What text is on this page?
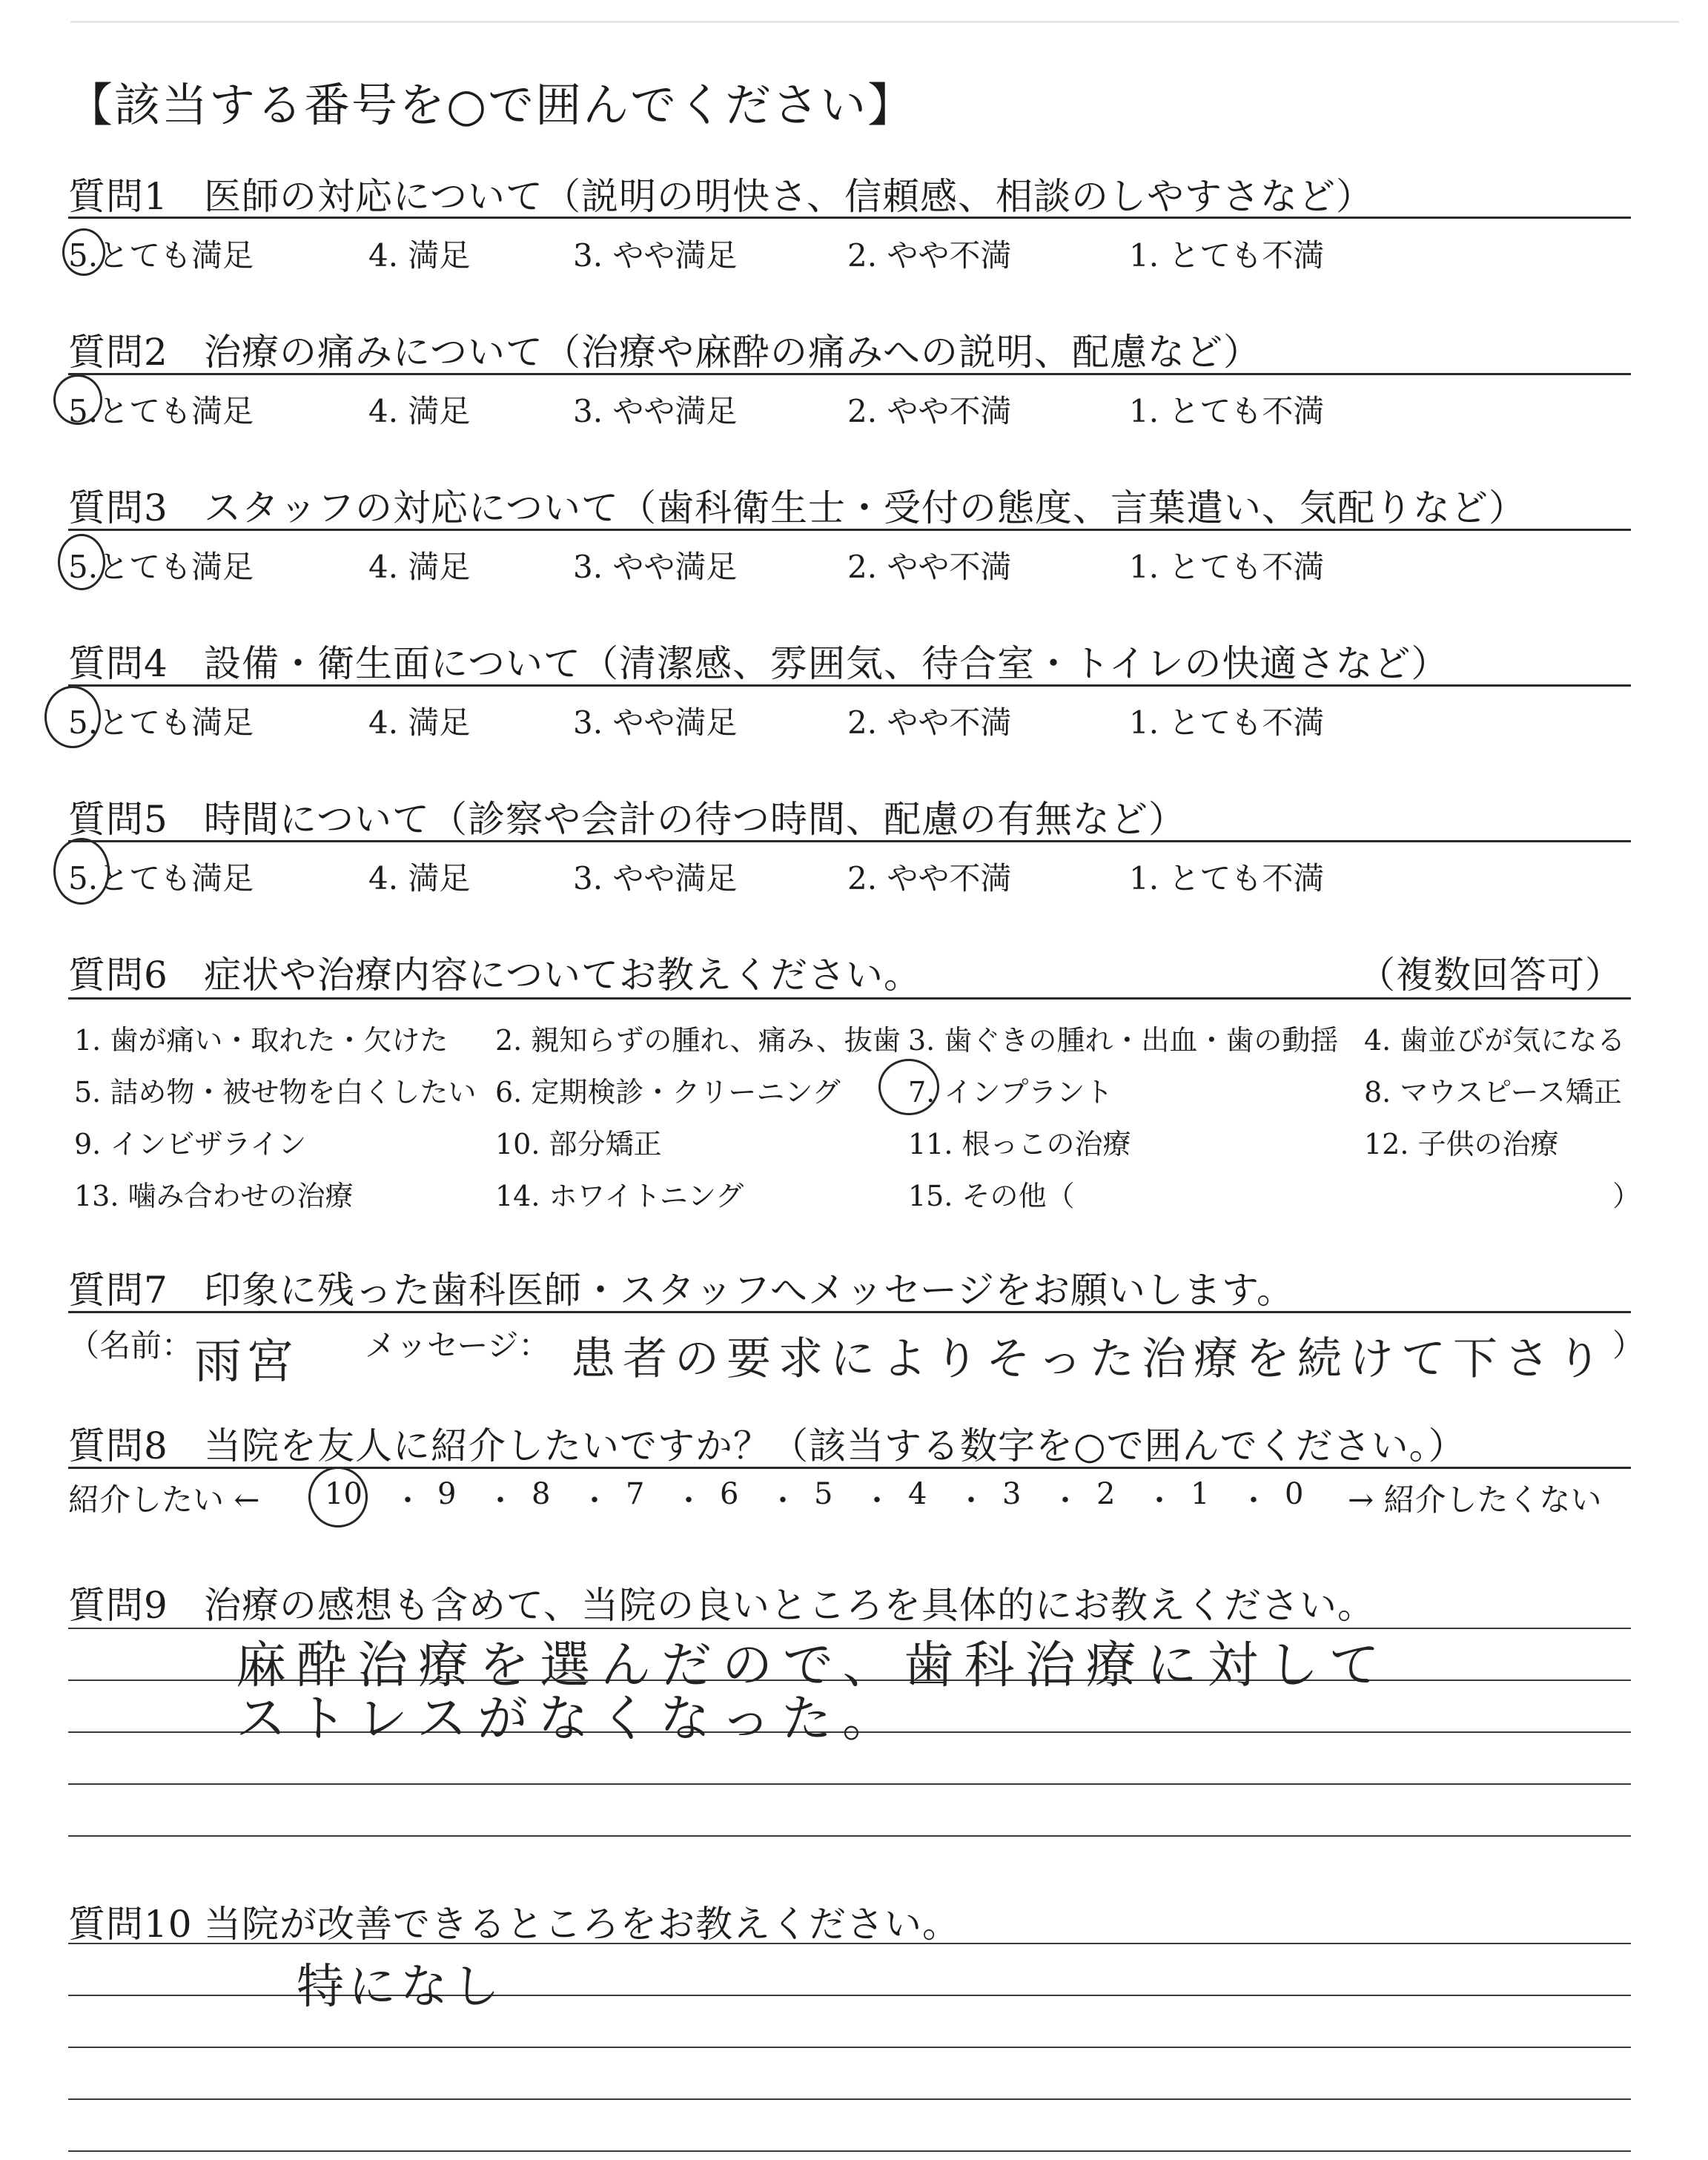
【該当する番号を○で囲んでください】
質問1 医師の対応について（説明の明快さ、信頼感、相談のしやすさなど）
5.とても満足	4. 満足	3. やや満足	2. やや不満	1. とても不満
質問2 治療の痛みについて（治療や麻酔の痛みへの説明、配慮など）
5.とても満足	4. 満足	3. やや満足	2. やや不満	1. とても不満
質問3 スタッフの対応について（歯科衛生士・受付の態度、言葉遣い、気配りなど）
5.とても満足	4. 満足	3. やや満足	2. やや不満	1. とても不満
質問4 設備・衛生面について（清潔感、雰囲気、待合室・トイレの快適さなど）
5.とても満足	4. 満足	3. やや満足	2. やや不満	1. とても不満
質問5 時間について（診察や会計の待つ時間、配慮の有無など）
5.とても満足	4. 満足	3. やや満足	2. やや不満	1. とても不満
質問6 症状や治療内容についてお教えください。	（複数回答可）
1. 歯が痛い・取れた・欠けた 2. 親知らずの腫れ、痛み、抜歯 3. 歯ぐきの腫れ・出血・歯の動揺 4. 歯並びが気になる
5. 詰め物・被せ物を白くしたい 6. 定期検診・クリーニング 7. インプラント	8. マウスピース矯正
9. インビザライン	10. 部分矯正	11. 根っこの治療	12. 子供の治療
13. 噛み合わせの治療	14. ホワイトニング	15. その他（	）
質問7 印象に残った歯科医師・スタッフへメッセージをお願いします。
（名前： 雨宮 メッセージ： 患者の要求によりそった治療を続けて下さり ）
質問8 当院を友人に紹介したいですか？（該当する数字を○で囲んでください。）
紹介したい ←	→ 紹介したくない
10 ・ 9 ・ 8 ・ 7 ・ 6 ・ 5 ・ 4 ・ 3 ・ 2 ・ 1 ・ 0
質問9 治療の感想も含めて、当院の良いところを具体的にお教えください。
麻酔治療を選んだので、歯科治療に対して
ストレスがなくなった。
質問10 当院が改善できるところをお教えください。
特になし
